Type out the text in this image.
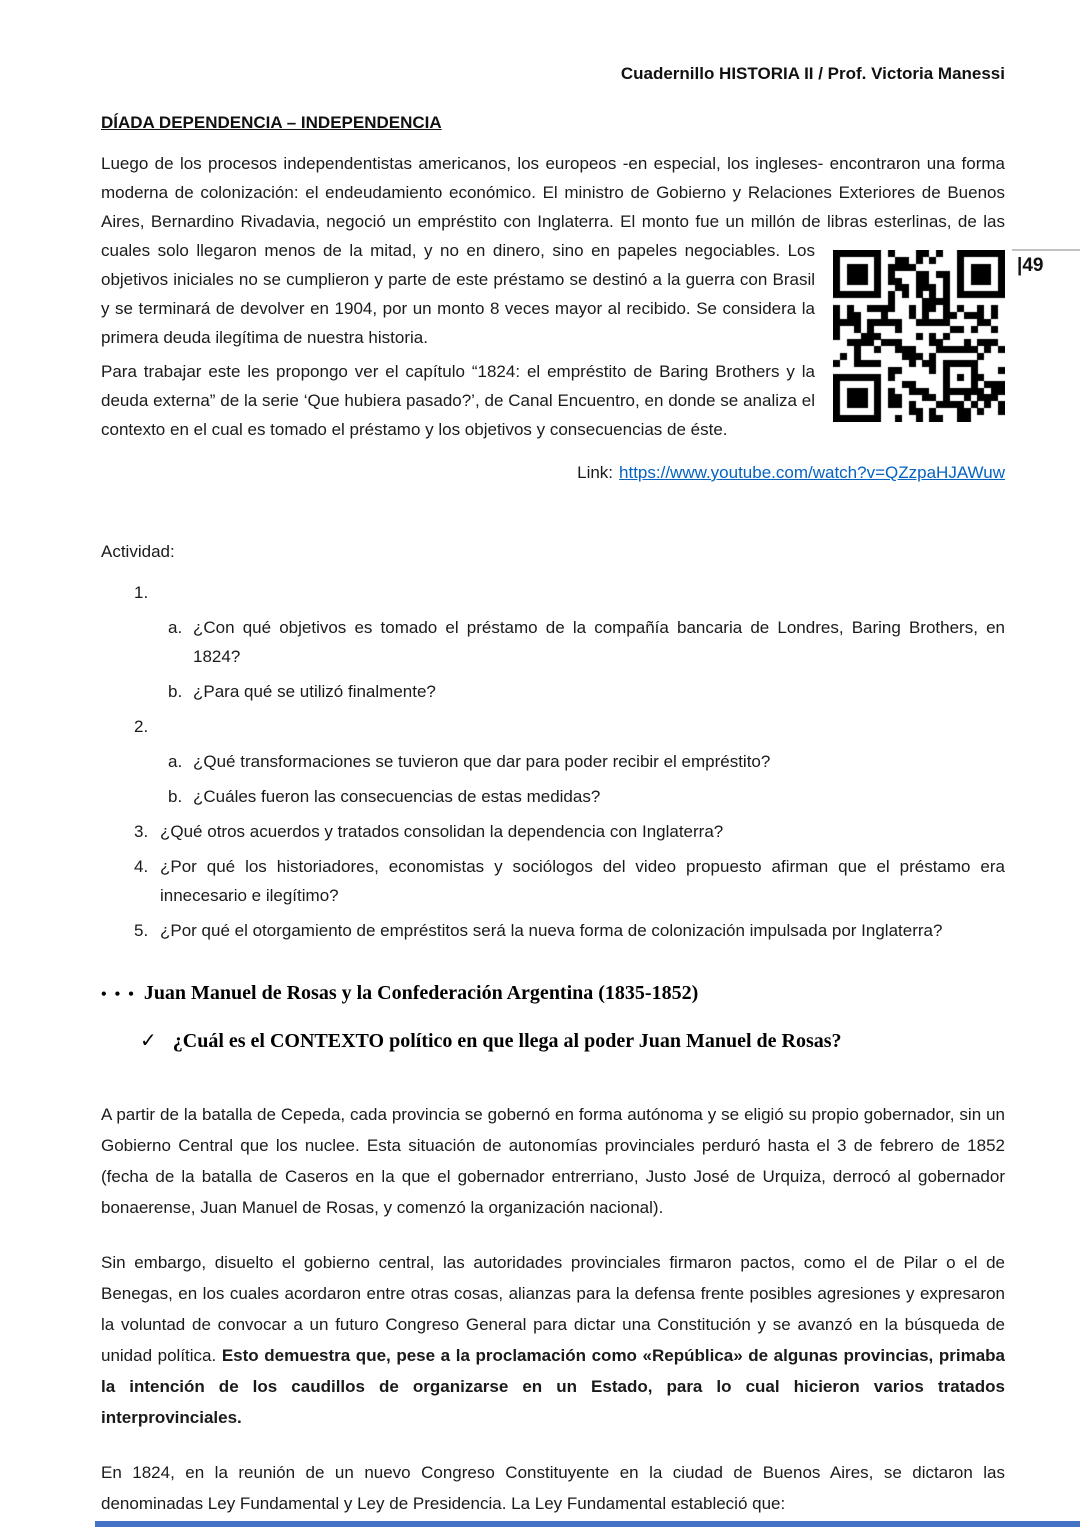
Cuadernillo HISTORIA II / Prof. Victoria Manessi
DÍADA DEPENDENCIA – INDEPENDENCIA

Luego de los procesos independentistas americanos, los europeos -en especial, los ingleses- encontraron una forma moderna de colonización: el endeudamiento económico. El ministro de Gobierno y Relaciones Exteriores de Buenos Aires, Bernardino Rivadavia, negoció un empréstito con Inglaterra. El monto fue un millón de libras
esterlinas, de las cuales solo llegaron menos de la mitad, y no en dinero, sino en papeles negociables. Los objetivos iniciales no se cumplieron y parte de este préstamo se destinó a la guerra con Brasil y se terminará de devolver en 1904, por un monto 8 veces mayor al recibido. Se considera la primera deuda ilegítima de nuestra historia.

Para trabajar este les propongo ver el capítulo “1824: el empréstito de Baring Brothers y la deuda externa” de la serie ‘Que hubiera pasado?’, de Canal Encuentro, en donde se analiza el contexto en el cual es tomado el préstamo y los objetivos y consecuencias de éste.

Link: https://www.youtube.com/watch?v=QZzpaHJAWuw
Actividad:
1.
a. ¿Con qué objetivos es tomado el préstamo de la compañía bancaria de Londres, Baring Brothers, en 1824?
b. ¿Para qué se utilizó finalmente?
2.
a. ¿Qué transformaciones se tuvieron que dar para poder recibir el empréstito?
b. ¿Cuáles fueron las consecuencias de estas medidas?
3. ¿Qué otros acuerdos y tratados consolidan la dependencia con Inglaterra?
4. ¿Por qué los historiadores, economistas y sociólogos del video propuesto afirman que el préstamo era innecesario e ilegítimo?
5. ¿Por qué el otorgamiento de empréstitos será la nueva forma de colonización impulsada por Inglaterra?
• • • Juan Manuel de Rosas y la Confederación Argentina (1835-1852)
✓ ¿Cuál es el CONTEXTO político en que llega al poder Juan Manuel de Rosas?

A partir de la batalla de Cepeda, cada provincia se gobernó en forma autónoma y se eligió su propio gobernador, sin un Gobierno Central que los nuclee. Esta situación de autonomías provinciales perduró hasta el 3 de febrero de 1852 (fecha de la batalla de Caseros en la que el gobernador entrerriano, Justo José de Urquiza, derrocó al gobernador bonaerense, Juan Manuel de Rosas, y comenzó la organización nacional).

Sin embargo, disuelto el gobierno central, las autoridades provinciales firmaron pactos, como el de Pilar o el de Benegas, en los cuales acordaron entre otras cosas, alianzas para la defensa frente posibles agresiones y expresaron la voluntad de convocar a un futuro Congreso General para dictar una Constitución y se avanzó en la búsqueda de unidad política. Esto demuestra que, pese a la proclamación como «República» de algunas provincias, primaba la intención de los caudillos de organizarse en un Estado, para lo cual hicieron varios tratados interprovinciales.

En 1824, en la reunión de un nuevo Congreso Constituyente en la ciudad de Buenos Aires, se dictaron las denominadas Ley Fundamental y Ley de Presidencia. La Ley Fundamental estableció que:

|49
